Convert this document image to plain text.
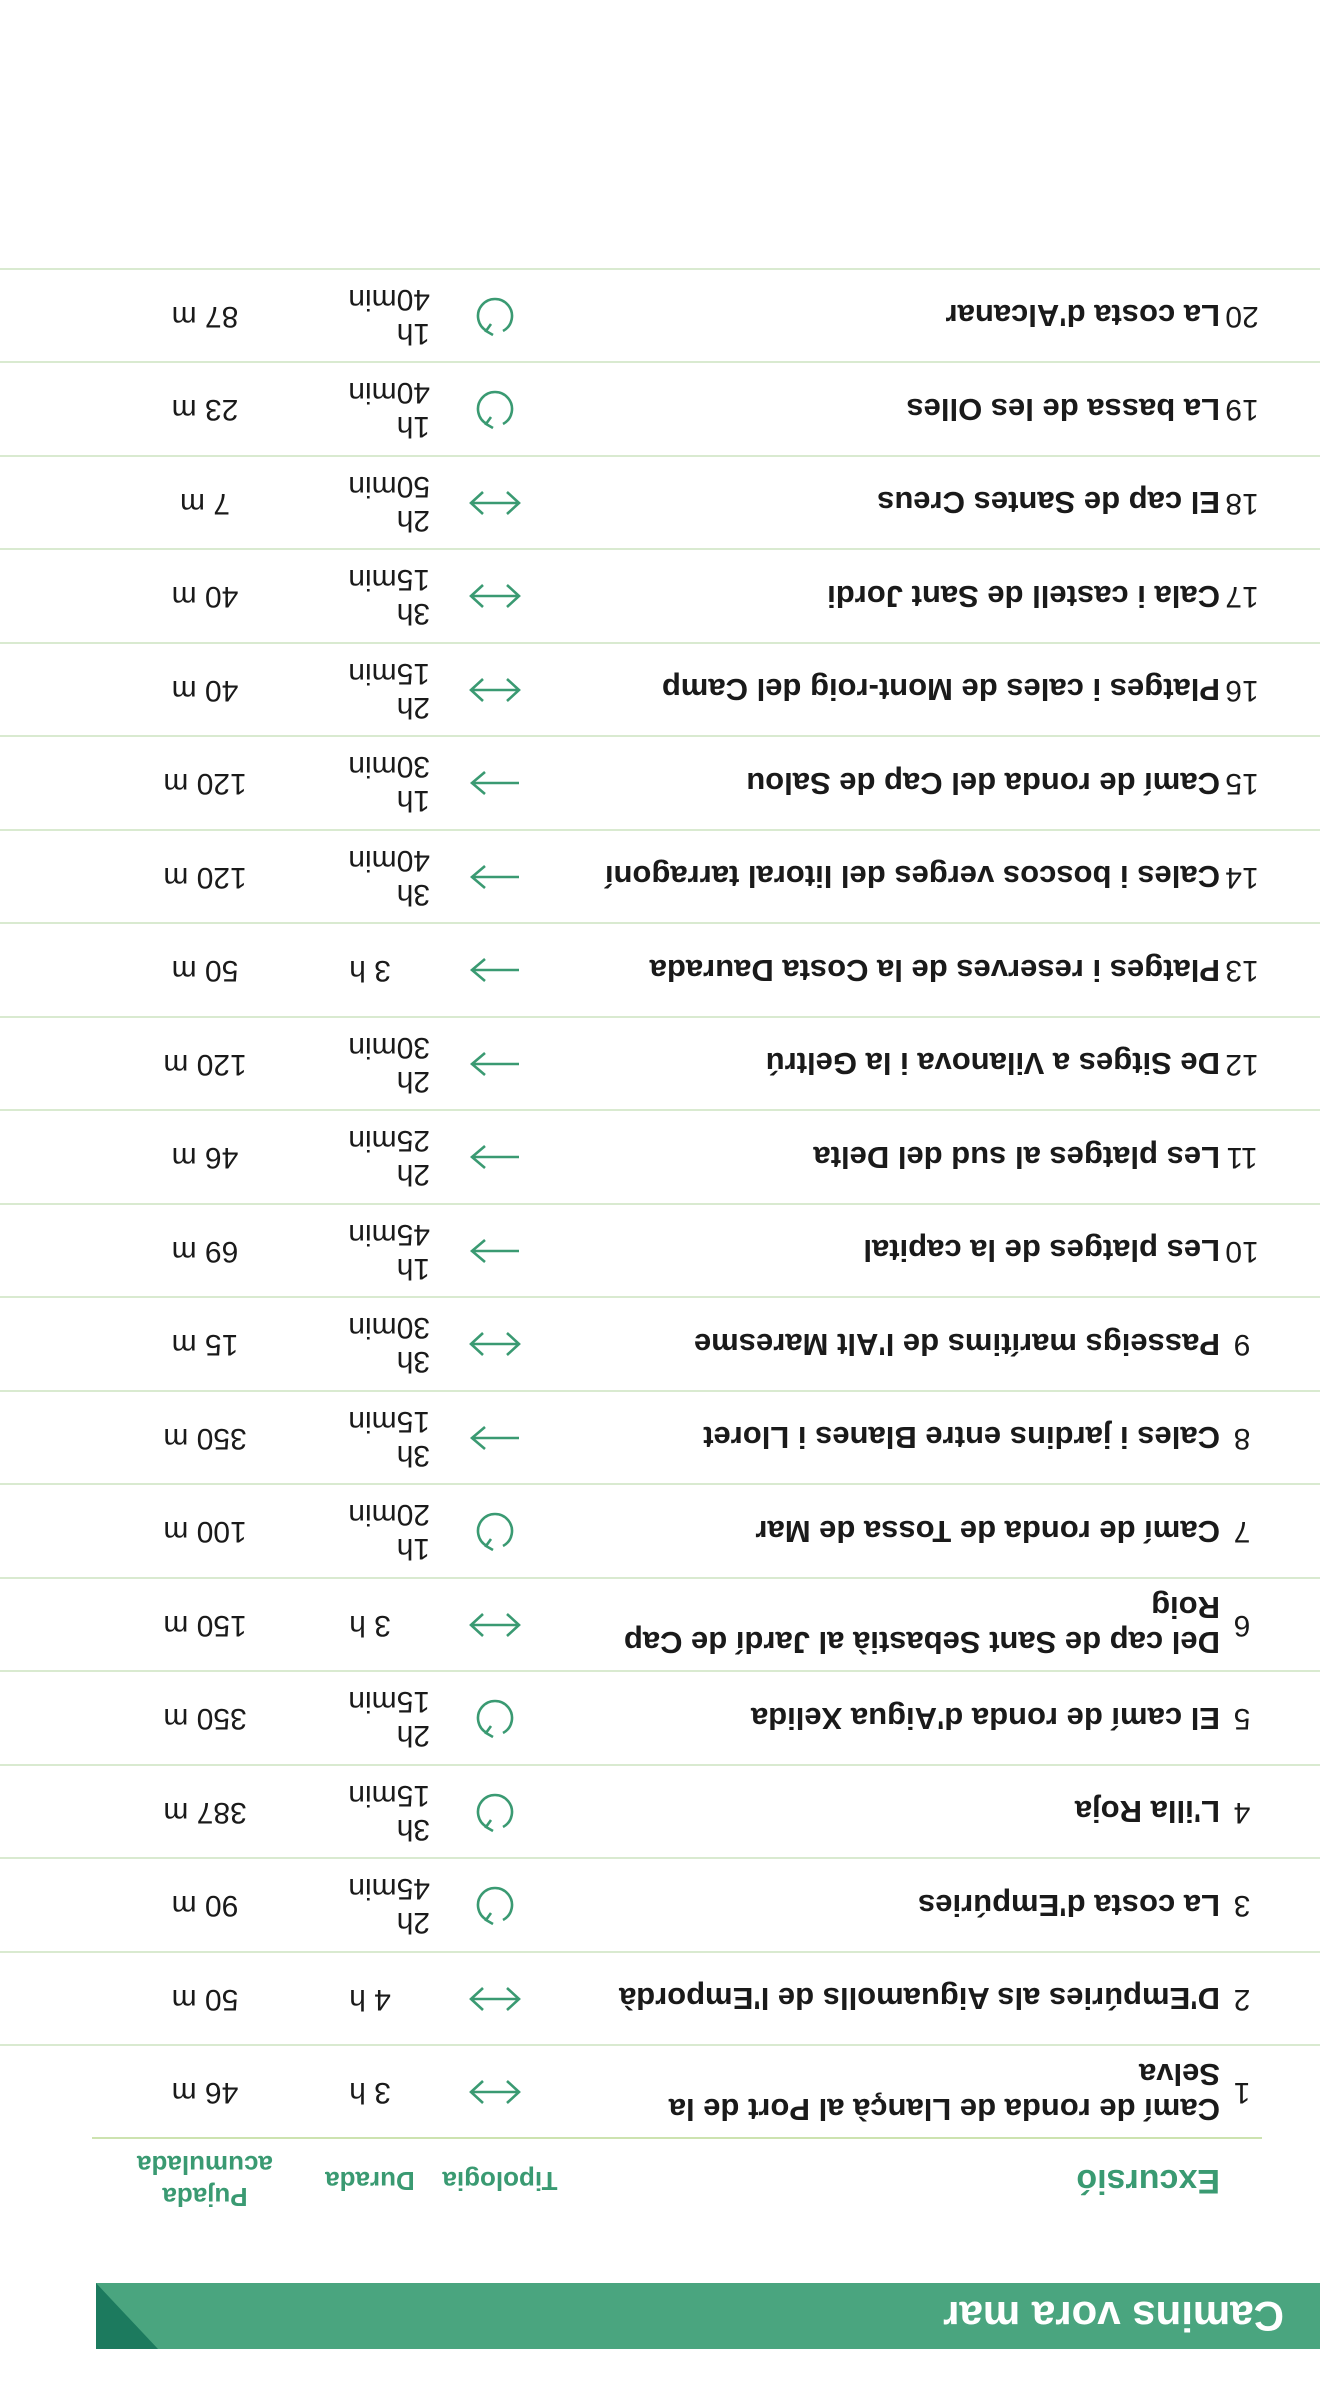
Camins vora mar
Excursió
Tipologia
Durada
Pujada
acumulada
1
Camí de ronda de Llançà al Port de la Selva
3 h
46 m
2
D'Empúries als Aiguamolls de l'Empordà
4 h
50 m
3
La costa d'Empúries
2h 45min
90 m
4
L'illa Roja
3h 15min
387 m
5
El camí de ronda d'Aigua Xelida
2h 15min
350 m
6
Del cap de Sant Sebastià al Jardí de Cap Roig
3 h
150 m
7
Camí de ronda de Tossa de Mar
1h 20min
100 m
8
Cales i jardins entre Blanes i Lloret
3h 15min
350 m
9
Passeigs marítims de l'Alt Maresme
3h 30min
15 m
10
Les platges de la capital
1h 45min
69 m
11
Les platges al sud del Delta
2h 25min
46 m
12
De Sitges a Vilanova i la Geltrú
2h 30min
120 m
13
Platges i reserves de la Costa Daurada
3 h
50 m
14
Cales i boscos verges del litoral tarragoní
3h 40min
120 m
15
Camí de ronda del Cap de Salou
1h 30min
120 m
16
Platges i cales de Mont-roig del Camp
2h 15min
40 m
17
Cala i castell de Sant Jordi
3h 15min
40 m
18
El cap de Santes Creus
2h 50min
7 m
19
La bassa de les Olles
1h 40min
23 m
20
La costa d'Alcanar
1h 40min
87 m
